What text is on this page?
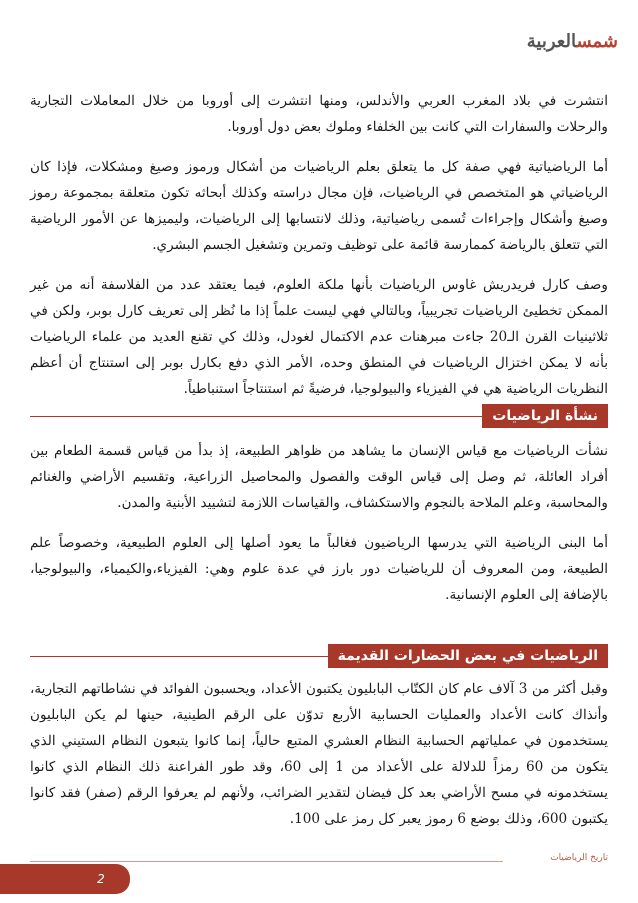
شمسالعربية

انتشرت في بلاد المغرب العربي والأندلس، ومنها انتشرت إلى أوروبا من خلال المعاملات التجارية والرحلات والسفارات التي كانت بين الخلفاء وملوك بعض دول أوروبا.

أما الرياضياتية فهي صفة كل ما يتعلق بعلم الرياضيات من أشكال ورموز وصيغ ومشكلات، فإذا كان الرياضياتي هو المتخصص في الرياضيات، فإن مجال دراسته وكذلك أبحاثه تكون متعلقة بمجموعة رموز وصيغ وأشكال وإجراءات تُسمى رياضياتية، وذلك لانتسابها إلى الرياضيات، وليميزها عن الأمور الرياضية التي تتعلق بالرياضة كممارسة قائمة على توظيف وتمرين وتشغيل الجسم البشري.

وصف كارل فريدريش غاوس الرياضيات بأنها ملكة العلوم، فيما يعتقد عدد من الفلاسفة أنه من غير الممكن تخطيئ الرياضيات تجريبياً، وبالتالي فهي ليست علماً إذا ما نُظر إلى تعريف كارل بوبر، ولكن في ثلاثينيات القرن الـ20 جاءت مبرهنات عدم الاكتمال لغودل، وذلك كي تقنع العديد من علماء الرياضيات بأنه لا يمكن اختزال الرياضيات في المنطق وحده، الأمر الذي دفع بكارل بوبر إلى استنتاج أن أعظم النظريات الرياضية هي في الفيزياء والبيولوجيا، فرضيةً ثم استنتاجاً استنباطياً.

نشأة الرياضيات

نشأت الرياضيات مع قياس الإنسان ما يشاهد من ظواهر الطبيعة، إذ بدأ من قياس قسمة الطعام بين أفراد العائلة، ثم وصل إلى قياس الوقت والفصول والمحاصيل الزراعية، وتقسيم الأراضي والغنائم والمحاسبة، وعلم الملاحة بالنجوم والاستكشاف، والقياسات اللازمة لتشييد الأبنية والمدن.

أما البنى الرياضية التي يدرسها الرياضيون فغالباً ما يعود أصلها إلى العلوم الطبيعية، وخصوصاً علم الطبيعة، ومن المعروف أن للرياضيات دور بارز في عدة علوم وهي: الفيزياء،والكيمياء، والبيولوجيا، بالإضافة إلى العلوم الإنسانية.

الرياضيات في بعض الحضارات القديمة

وقبل أكثر من 3 آلاف عام كان الكتّاب البابليون يكتبون الأعداد، ويحسبون الفوائد في نشاطاتهم التجارية، وأنذاك كانت الأعداد والعمليات الحسابية الأربع تدوّن على الرقم الطينية، حينها لم يكن البابليون يستخدمون في عملياتهم الحسابية النظام العشري المتبع حالياً، إنما كانوا يتبعون النظام الستيني الذي يتكون من 60 رمزاً للدلالة على الأعداد من 1 إلى 60، وقد طور الفراعنة ذلك النظام الذي كانوا يستخدمونه في مسح الأراضي بعد كل فيضان لتقدير الضرائب، ولأنهم لم يعرفوا الرقم (صفر) فقد كانوا يكتبون 600، وذلك بوضع 6 رموز يعبر كل رمز على 100.

تاريخ الرياضيات
2
